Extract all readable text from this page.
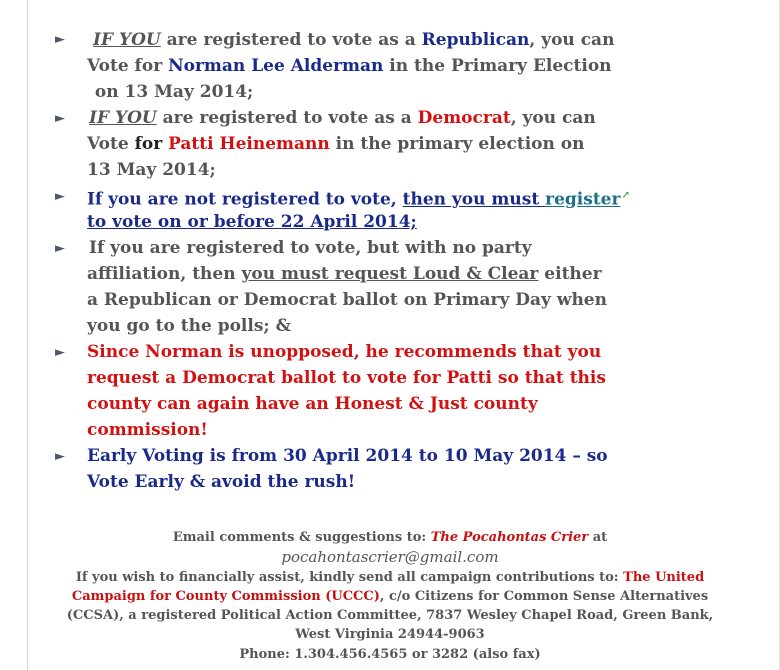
►	IF YOU are registered to vote as a Republican, you can
Vote for Norman Lee Alderman in the Primary Election
on 13 May 2014;
►	IF YOU are registered to vote as a Democrat, you can
Vote for Patti Heinemann in the primary election on
13 May 2014;
►	If you are not registered to vote, then you must register↗
to vote on or before 22 April 2014;
►	If you are registered to vote, but with no party
affiliation, then you must request Loud & Clear either
a Republican or Democrat ballot on Primary Day when
you go to the polls; &
►	Since Norman is unopposed, he recommends that you
request a Democrat ballot to vote for Patti so that this
county can again have an Honest & Just county
commission!
►	Early Voting is from 30 April 2014 to 10 May 2014 – so
Vote Early & avoid the rush!
Email comments & suggestions to: The Pocahontas Crier at
pocahontascrier@gmail.com
If you wish to financially assist, kindly send all campaign contributions to: The United
Campaign for County Commission (UCCC), c/o Citizens for Common Sense Alternatives
(CCSA), a registered Political Action Committee, 7837 Wesley Chapel Road, Green Bank,
West Virginia 24944-9063
Phone: 1.304.456.4565 or 3282 (also fax)
